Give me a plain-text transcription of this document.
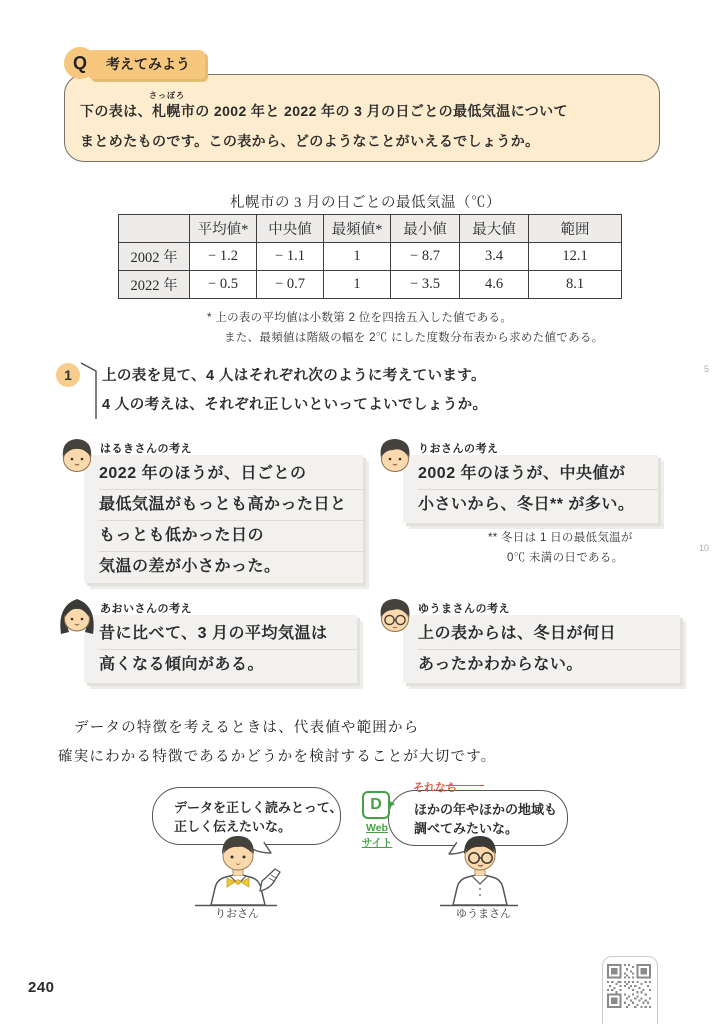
Q	考えてみよう
さっぽろ
下の表は、札幌市の 2002 年と 2022 年の 3 月の日ごとの最低気温について
まとめたものです。この表から、どのようなことがいえるでしょうか。
札幌市の 3 月の日ごとの最低気温（℃）
	平均値*	中央値	最頻値*	最小値	最大値	範囲
2002 年	− 1.2	− 1.1	1	− 8.7	3.4	12.1
2022 年	− 0.5	− 0.7	1	− 3.5	4.6	8.1
* 上の表の平均値は小数第 2 位を四捨五入した値である。
また、最頻値は階級の幅を 2℃ にした度数分布表から求めた値である。
1	上の表を見て、4 人はそれぞれ次のように考えています。
4 人の考えは、それぞれ正しいといってよいでしょうか。
5
10
はるきさんの考え
2022 年のほうが、日ごとの
最低気温がもっとも高かった日と
もっとも低かった日の
気温の差が小さかった。
りおさんの考え
2002 年のほうが、中央値が
小さいから、冬日** が多い。
** 冬日は 1 日の最低気温が
0℃ 未満の日である。
あおいさんの考え
昔に比べて、3 月の平均気温は
高くなる傾向がある。
ゆうまさんの考え
上の表からは、冬日が何日
あったかわからない。
データの特徴を考えるときは、代表値や範囲から
確実にわかる特徴であるかどうかを検討することが大切です。
データを正しく読みとって、
正しく伝えたいな。
りおさん
D
Web
サイト
それなら
ほかの年やほかの地域も
調べてみたいな。
ゆうまさん
240
